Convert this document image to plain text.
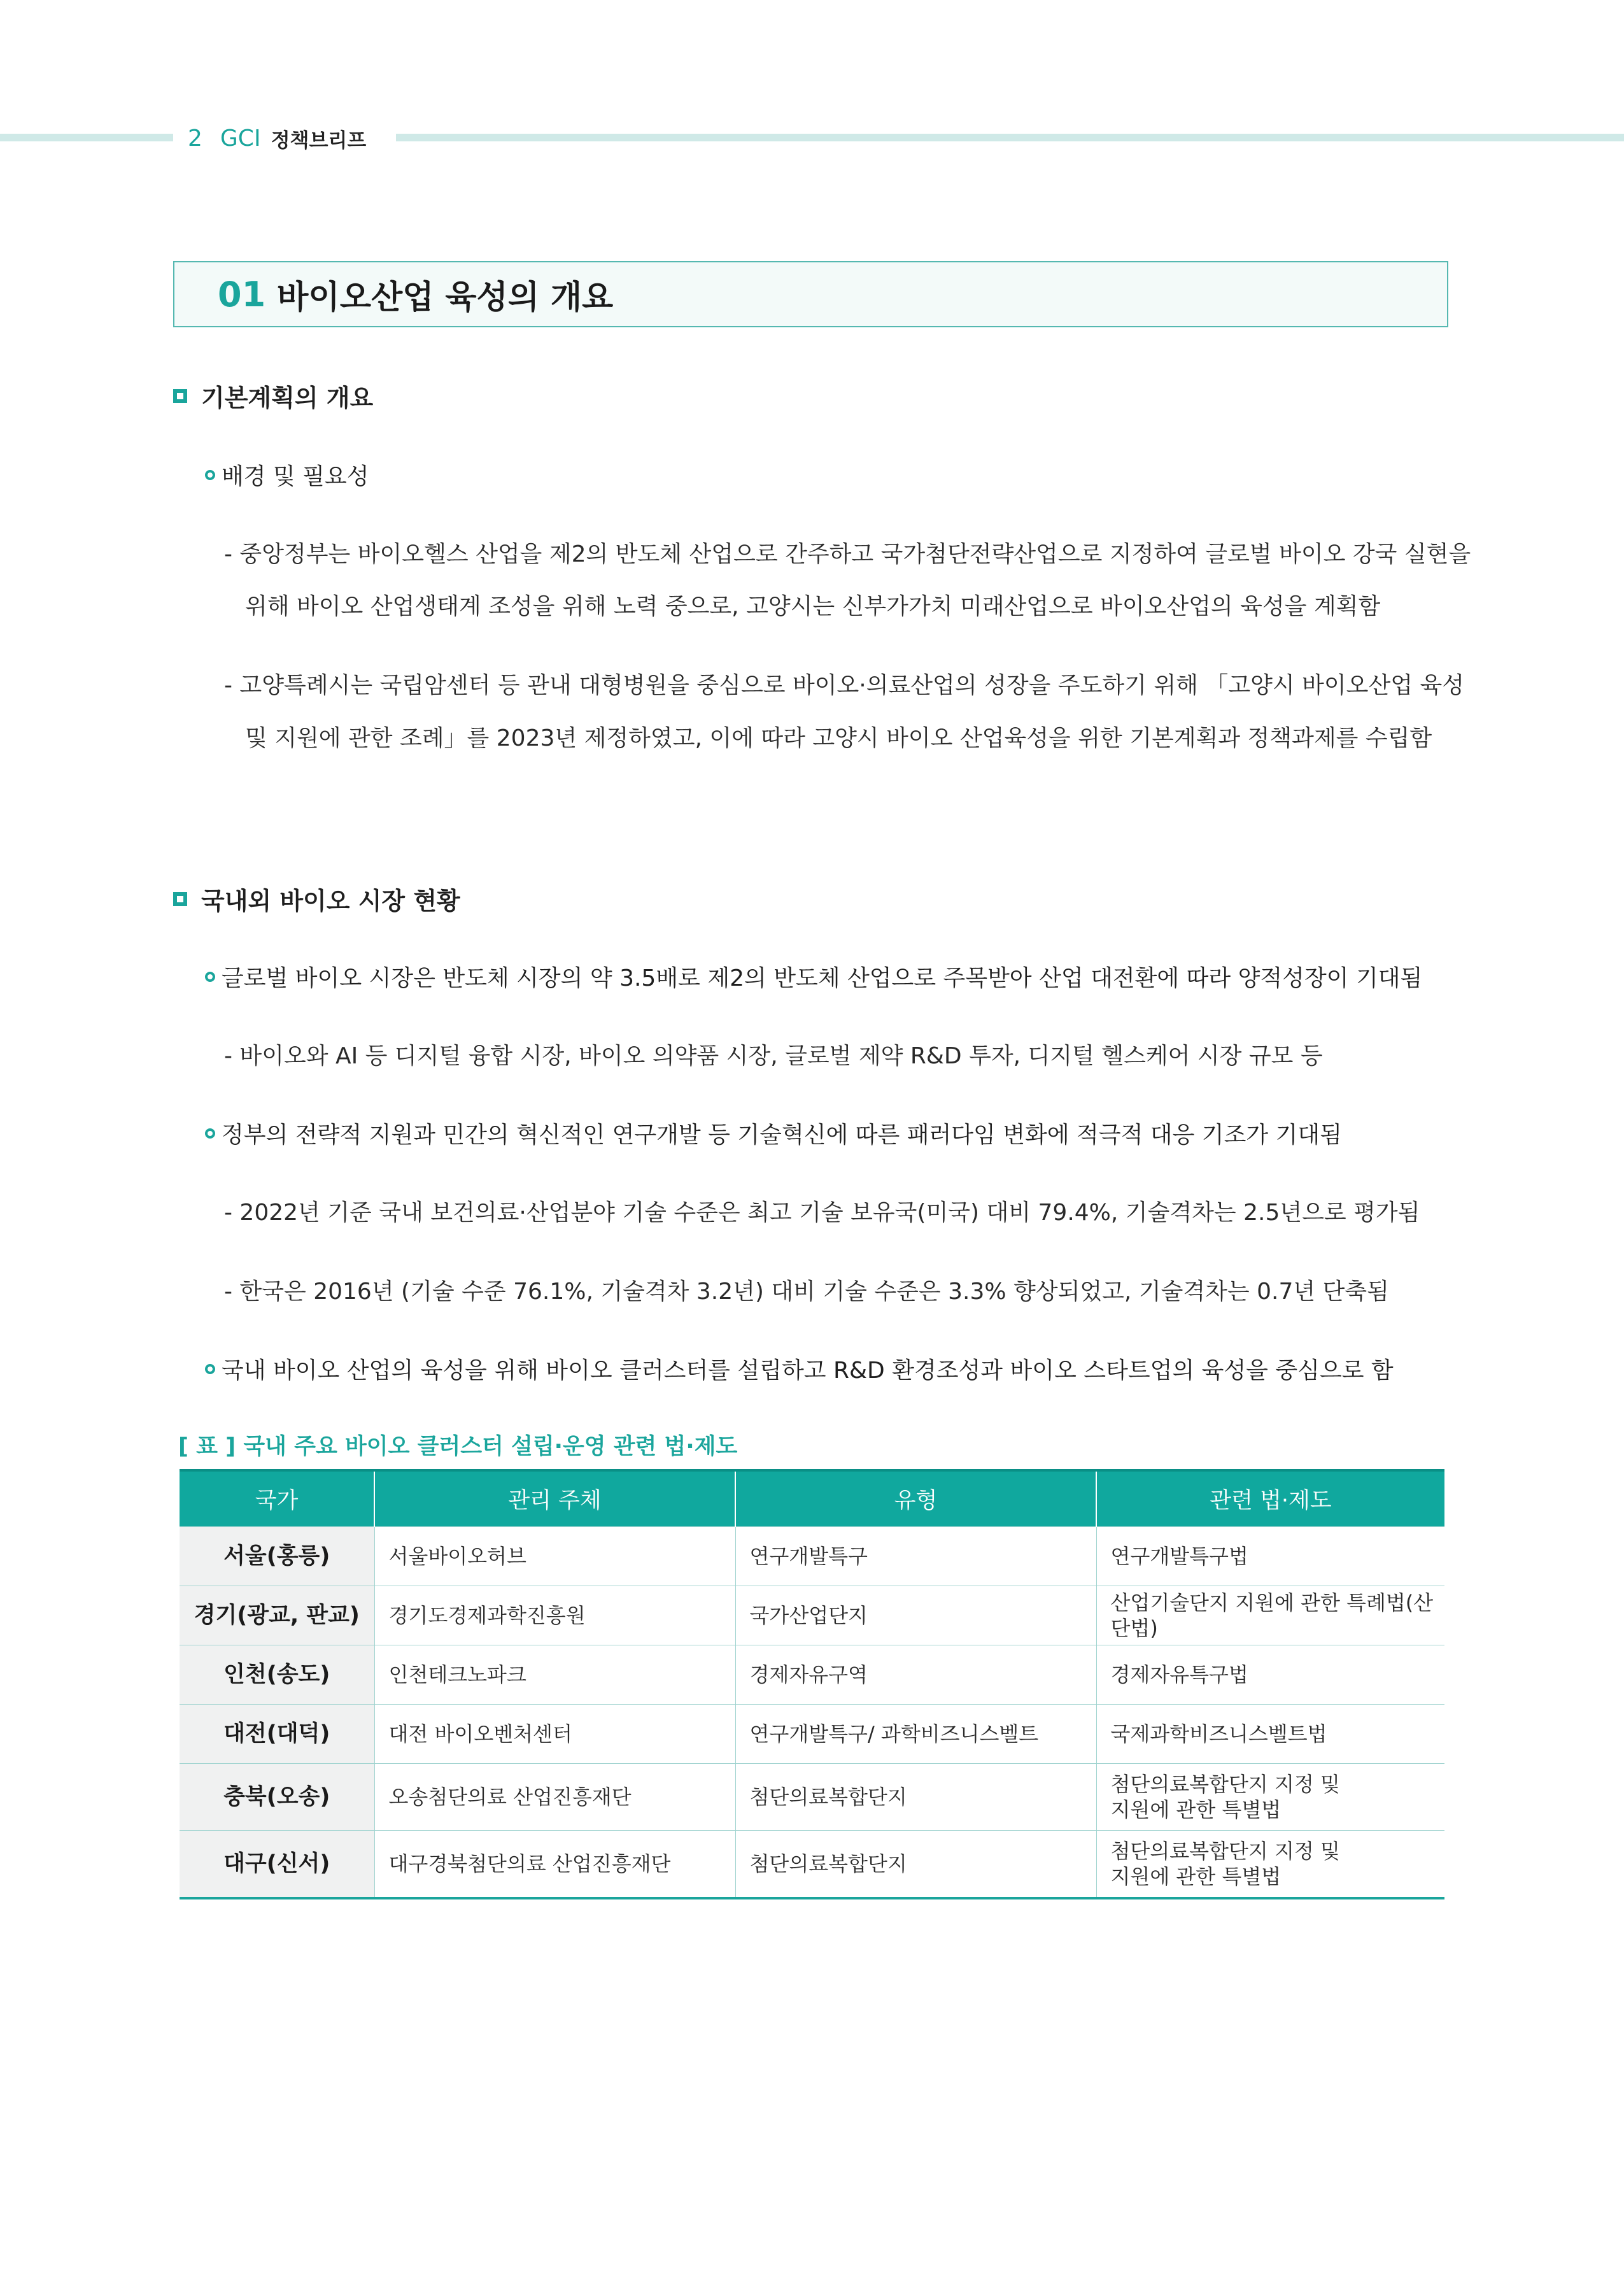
2 GCI 정책브리프
01 바이오산업 육성의 개요
기본계획의 개요
배경 및 필요성
- 중앙정부는 바이오헬스 산업을 제2의 반도체 산업으로 간주하고 국가첨단전략산업으로 지정하여 글로벌 바이오 강국 실현을
위해 바이오 산업생태계 조성을 위해 노력 중으로, 고양시는 신부가가치 미래산업으로 바이오산업의 육성을 계획함
- 고양특례시는 국립암센터 등 관내 대형병원을 중심으로 바이오·의료산업의 성장을 주도하기 위해 「고양시 바이오산업 육성
및 지원에 관한 조례」를 2023년 제정하였고, 이에 따라 고양시 바이오 산업육성을 위한 기본계획과 정책과제를 수립함
국내외 바이오 시장 현황
글로벌 바이오 시장은 반도체 시장의 약 3.5배로 제2의 반도체 산업으로 주목받아 산업 대전환에 따라 양적성장이 기대됨
- 바이오와 AI 등 디지털 융합 시장, 바이오 의약품 시장, 글로벌 제약 R&D 투자, 디지털 헬스케어 시장 규모 등
정부의 전략적 지원과 민간의 혁신적인 연구개발 등 기술혁신에 따른 패러다임 변화에 적극적 대응 기조가 기대됨
- 2022년 기준 국내 보건의료·산업분야 기술 수준은 최고 기술 보유국(미국) 대비 79.4%, 기술격차는 2.5년으로 평가됨
- 한국은 2016년 (기술 수준 76.1%, 기술격차 3.2년) 대비 기술 수준은 3.3% 향상되었고, 기술격차는 0.7년 단축됨
국내 바이오 산업의 육성을 위해 바이오 클러스터를 설립하고 R&D 환경조성과 바이오 스타트업의 육성을 중심으로 함
[ 표 ] 국내 주요 바이오 클러스터 설립·운영 관련 법·제도
국가	관리 주체	유형	관련 법·제도
서울(홍릉)	서울바이오허브	연구개발특구	연구개발특구법
경기(광교, 판교)	경기도경제과학진흥원	국가산업단지	산업기술단지 지원에 관한 특례법(산단법)
인천(송도)	인천테크노파크	경제자유구역	경제자유특구법
대전(대덕)	대전 바이오벤처센터	연구개발특구/ 과학비즈니스벨트	국제과학비즈니스벨트법
충북(오송)	오송첨단의료 산업진흥재단	첨단의료복합단지	첨단의료복합단지 지정 및
지원에 관한 특별법

대구(신서)	대구경북첨단의료 산업진흥재단	첨단의료복합단지	첨단의료복합단지 지정 및
지원에 관한 특별법
